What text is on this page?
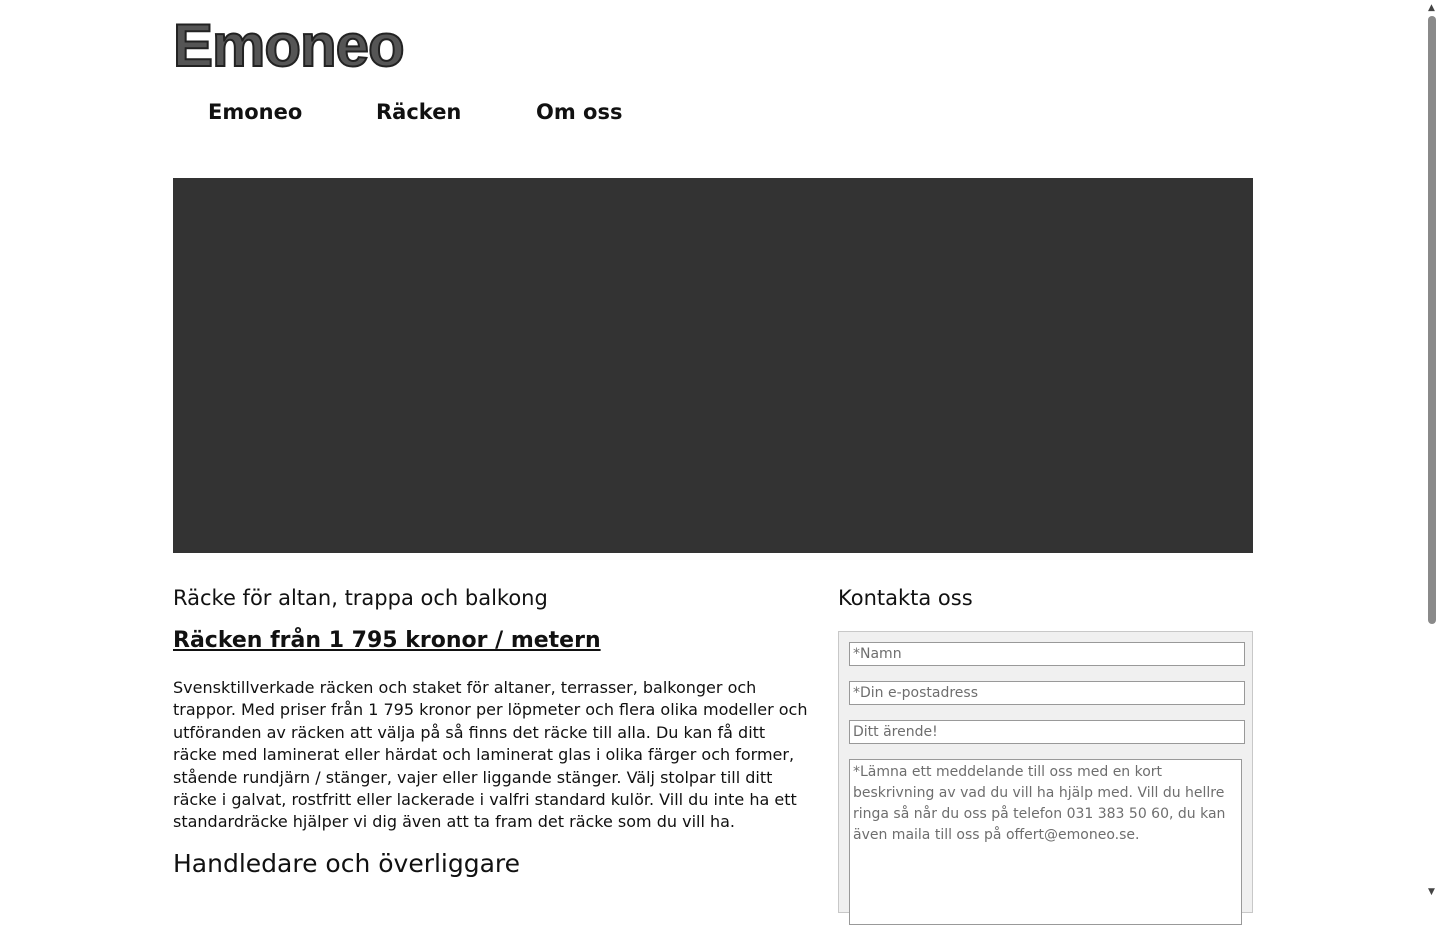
Emoneo
Emoneo	Räcken	Om oss
Räcke för altan, trappa och balkong
Räcken från 1 795 kronor / metern

Svensktillverkade räcken och staket för altaner, terrasser, balkonger och trappor. Med priser från 1 795 kronor per löpmeter och flera olika modeller och utföranden av räcken att välja på så finns det räcke till alla. Du kan få ditt räcke med laminerat eller härdat och laminerat glas i olika färger och former, stående rundjärn / stänger, vajer eller liggande stänger. Välj stolpar till ditt räcke i galvat, rostfritt eller lackerade i valfri standard kulör. Vill du inte ha ett standardräcke hjälper vi dig även att ta fram det räcke som du vill ha.

Handledare och överliggare
Kontakta oss
*Namn
*Din e-postadress
Ditt ärende!
*Lämna ett meddelande till oss med en kort beskrivning av vad du vill ha hjälp med. Vill du hellre ringa så når du oss på telefon 031 383 50 60, du kan även maila till oss på offert@emoneo.se.
▲
▼
